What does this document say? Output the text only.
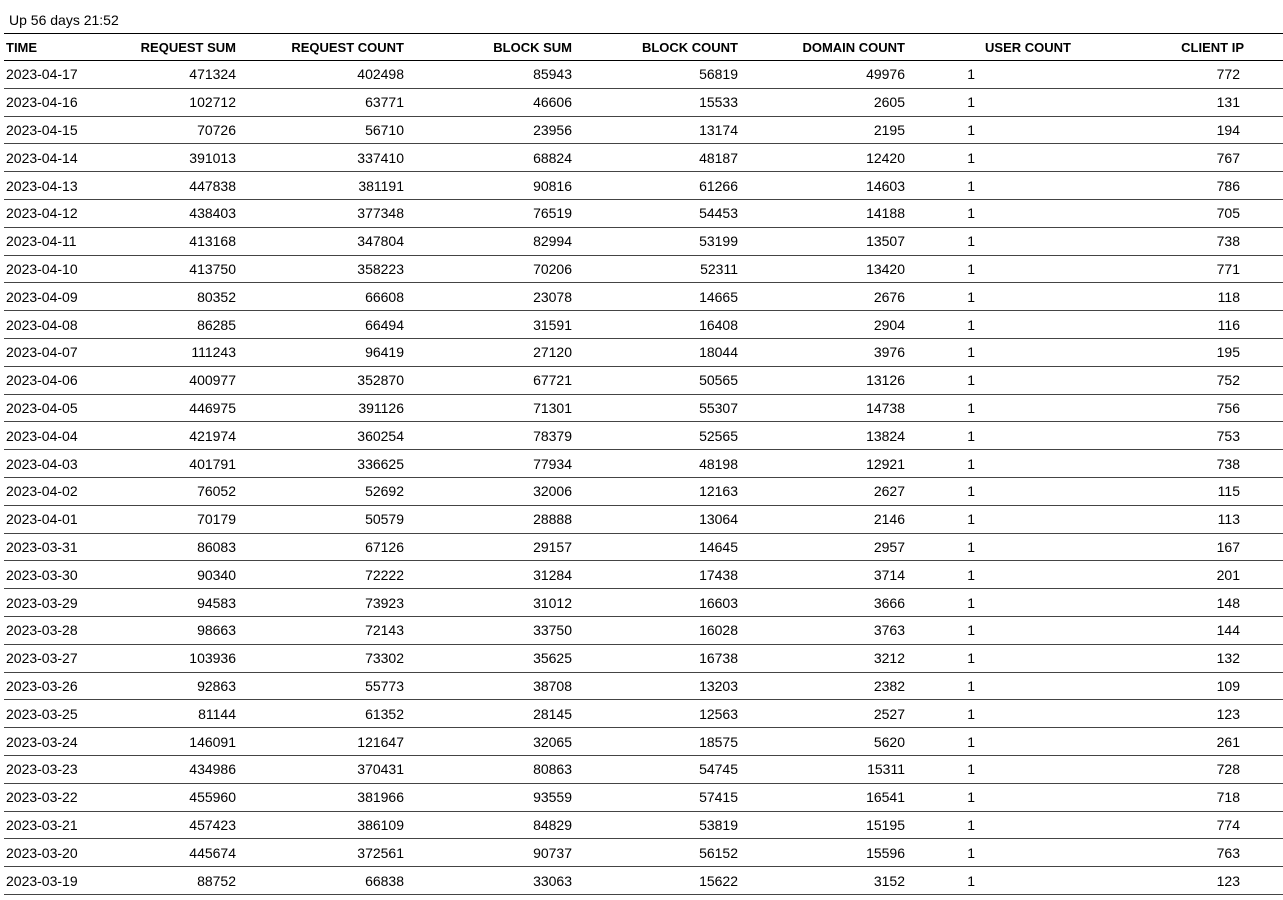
Up 56 days 21:52
TIME	REQUEST SUM	REQUEST COUNT	BLOCK SUM	BLOCK COUNT	DOMAIN COUNT	USER COUNT	CLIENT IP
2023-04-17	471324	402498	85943	56819	49976	1	772
2023-04-16	102712	63771	46606	15533	2605	1	131
2023-04-15	70726	56710	23956	13174	2195	1	194
2023-04-14	391013	337410	68824	48187	12420	1	767
2023-04-13	447838	381191	90816	61266	14603	1	786
2023-04-12	438403	377348	76519	54453	14188	1	705
2023-04-11	413168	347804	82994	53199	13507	1	738
2023-04-10	413750	358223	70206	52311	13420	1	771
2023-04-09	80352	66608	23078	14665	2676	1	118
2023-04-08	86285	66494	31591	16408	2904	1	116
2023-04-07	111243	96419	27120	18044	3976	1	195
2023-04-06	400977	352870	67721	50565	13126	1	752
2023-04-05	446975	391126	71301	55307	14738	1	756
2023-04-04	421974	360254	78379	52565	13824	1	753
2023-04-03	401791	336625	77934	48198	12921	1	738
2023-04-02	76052	52692	32006	12163	2627	1	115
2023-04-01	70179	50579	28888	13064	2146	1	113
2023-03-31	86083	67126	29157	14645	2957	1	167
2023-03-30	90340	72222	31284	17438	3714	1	201
2023-03-29	94583	73923	31012	16603	3666	1	148
2023-03-28	98663	72143	33750	16028	3763	1	144
2023-03-27	103936	73302	35625	16738	3212	1	132
2023-03-26	92863	55773	38708	13203	2382	1	109
2023-03-25	81144	61352	28145	12563	2527	1	123
2023-03-24	146091	121647	32065	18575	5620	1	261
2023-03-23	434986	370431	80863	54745	15311	1	728
2023-03-22	455960	381966	93559	57415	16541	1	718
2023-03-21	457423	386109	84829	53819	15195	1	774
2023-03-20	445674	372561	90737	56152	15596	1	763
2023-03-19	88752	66838	33063	15622	3152	1	123
